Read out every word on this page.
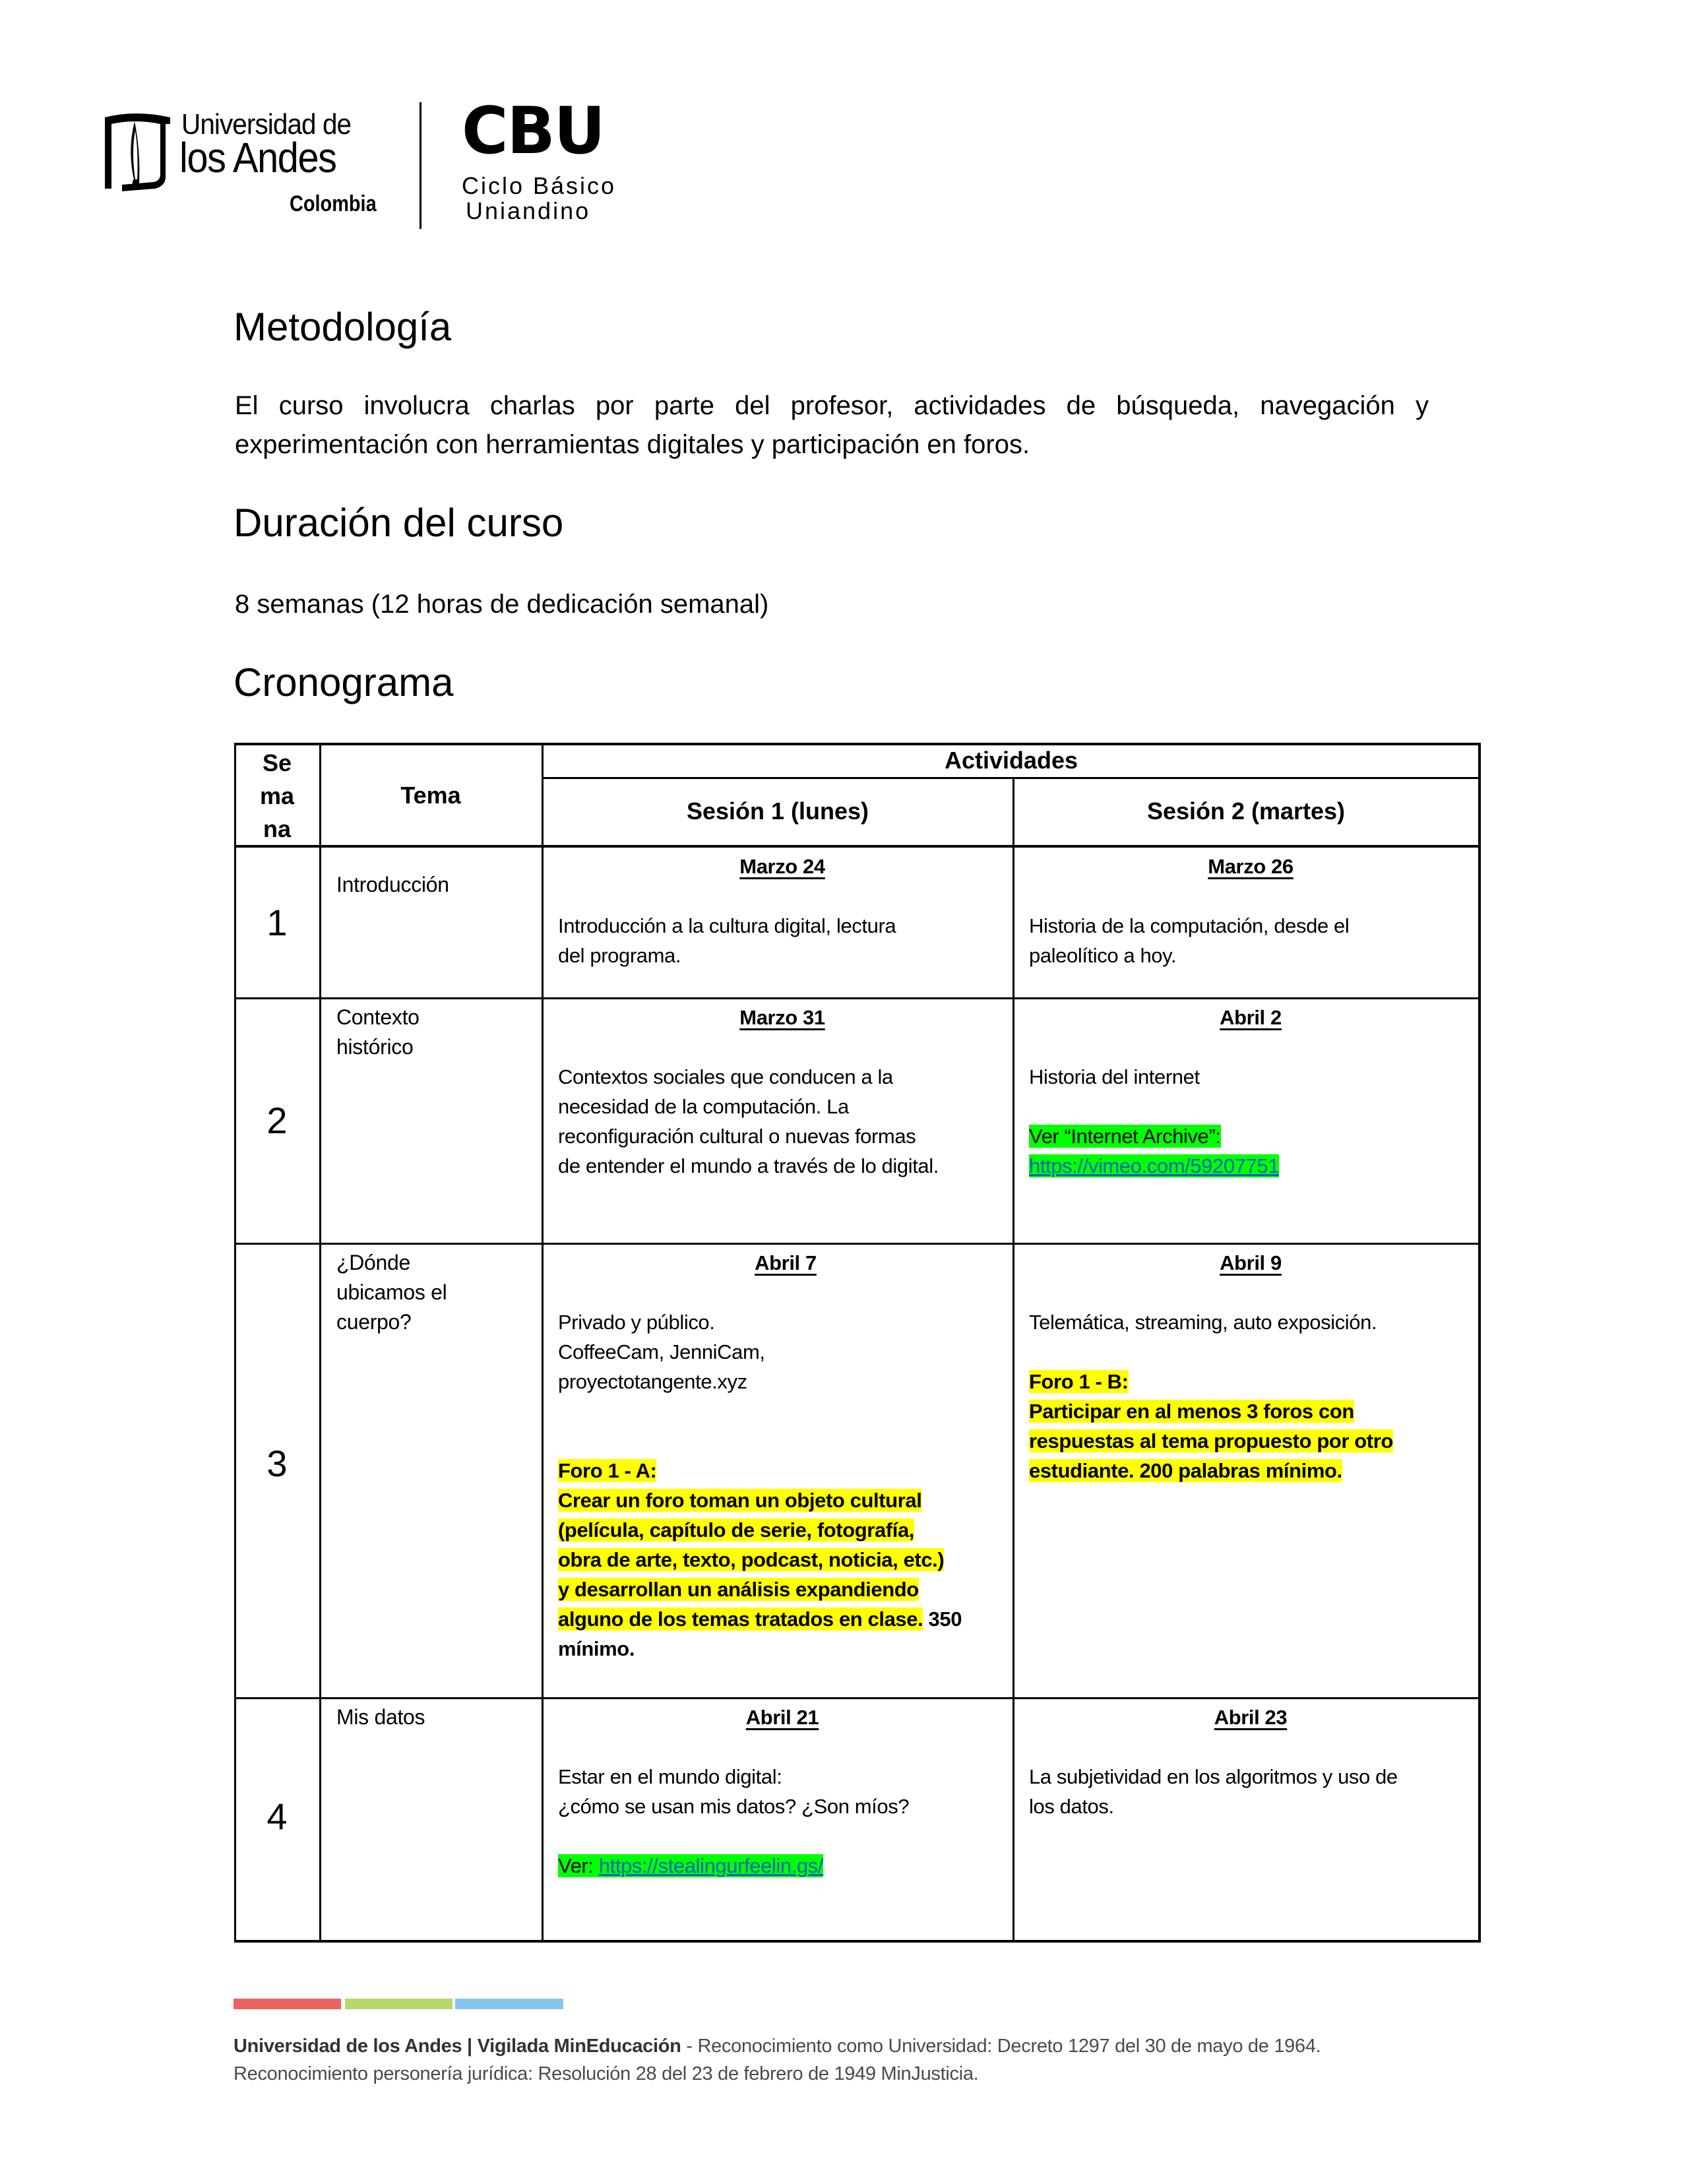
Universidad de
los Andes
Colombia
CBU
Ciclo Básico
Uniandino
Metodología
El curso involucra charlas por parte del profesor, actividades de búsqueda, navegación y
experimentación con herramientas digitales y participación en foros.
Duración del curso
8 semanas (12 horas de dedicación semanal)
Cronograma
Se
ma
na
Tema
Actividades
Sesión 1 (lunes)	Sesión 2 (martes)
1
Introducción
Marzo 24
Introducción a la cultura digital, lectura
del programa.
Marzo 26
Historia de la computación, desde el
paleolítico a hoy.
2
Contexto
histórico
Marzo 31
Contextos sociales que conducen a la
necesidad de la computación. La
reconfiguración cultural o nuevas formas
de entender el mundo a través de lo digital.
Abril 2
Historia del internet
Ver “Internet Archive”:
https://vimeo.com/59207751
3
¿Dónde
ubicamos el
cuerpo?
Abril 7
Privado y público.
CoffeeCam, JenniCam,
proyectotangente.xyz
Foro 1 - A:
Crear un foro toman un objeto cultural
(película, capítulo de serie, fotografía,
obra de arte, texto, podcast, noticia, etc.)
y desarrollan un análisis expandiendo
alguno de los temas tratados en clase. 350
mínimo.
Abril 9
Telemática, streaming, auto exposición.
Foro 1 - B:
Participar en al menos 3 foros con
respuestas al tema propuesto por otro
estudiante. 200 palabras mínimo.
4
Mis datos	Abril 21
Estar en el mundo digital:
¿cómo se usan mis datos? ¿Son míos?
Ver: https://stealingurfeelin.gs/
Abril 23
La subjetividad en los algoritmos y uso de
los datos.
Universidad de los Andes | Vigilada MinEducación - Reconocimiento como Universidad: Decreto 1297 del 30 de mayo de 1964.
Reconocimiento personería jurídica: Resolución 28 del 23 de febrero de 1949 MinJusticia.
